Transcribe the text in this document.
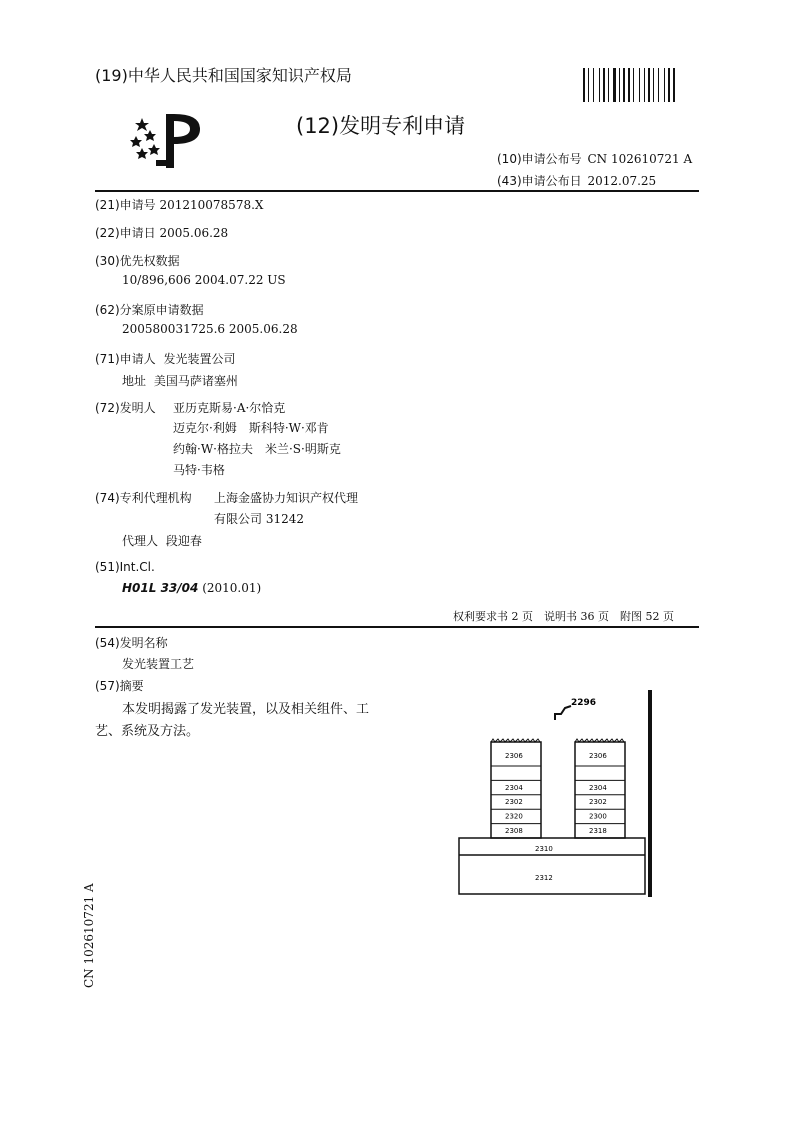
(19)中华人民共和国国家知识产权局
(12)发明专利申请
(10)申请公布号 CN 102610721 A
(43)申请公布日 2012.07.25
(21)申请号 201210078578.X
(22)申请日 2005.06.28
(30)优先权数据
10/896,606 2004.07.22 US
(62)分案原申请数据
200580031725.6 2005.06.28
(71)申请人 发光装置公司
地址 美国马萨诸塞州
(72)发明人 亚历克斯易·A·尔恰克
迈克尔·利姆　斯科特·W·邓肯
约翰·W·格拉夫　米兰·S·明斯克
马特·韦格
(74)专利代理机构 上海金盛协力知识产权代理
有限公司 31242
代理人 段迎春
(51)Int.Cl.
H01L 33/04 (2010.01)
权利要求书 2 页　说明书 36 页　附图 52 页
(54)发明名称
发光装置工艺
(57)摘要
本发明揭露了发光装置，以及相关组件、工
艺、系统及方法。
2296
2306
2304
2302
2320
2308
2306
2304
2302
2300
2318
2310
2312
CN 102610721 A
